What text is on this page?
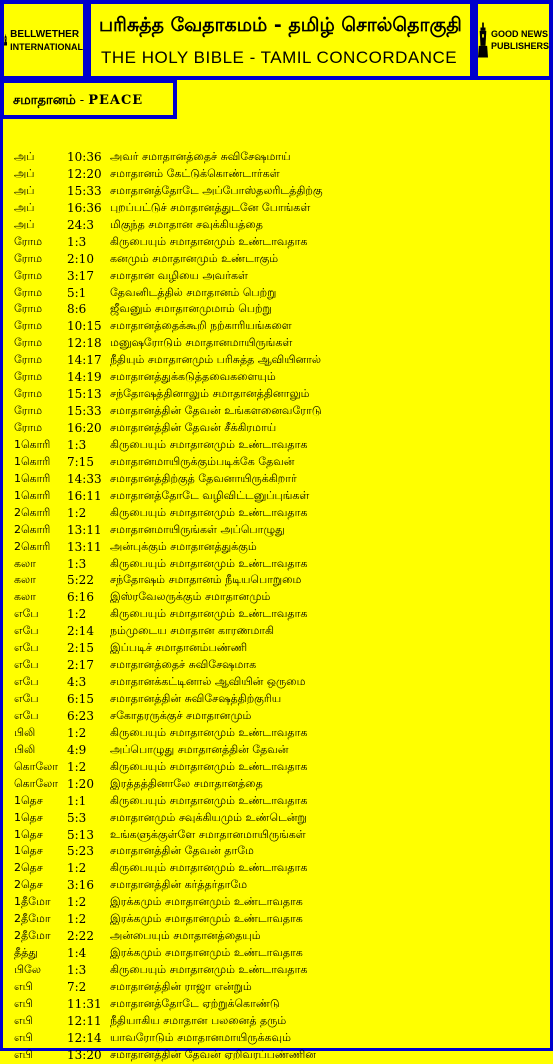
BELLWETHER
INTERNATIONAL
பரிசுத்த வேதாகமம் - தமிழ் சொல்தொகுதி
THE HOLY BIBLE - TAMIL CONCORDANCE
GOOD NEWS
PUBLISHERS
சமாதானம் - PEACE
அப்	10:36 அவர் சமாதானத்தைச் சுவிசேஷமாய்
அப்	12:20 சமாதானம் கேட்டுக்கொண்டார்கள்
அப்	15:33 சமாதானத்தோடே அப்போஸ்தலரிடத்திற்கு
அப்	16:36 புறப்பட்டுச் சமாதானத்துடனே போங்கள்
அப்	24:3 மிகுந்த சமாதான சவுக்கியத்தை
ரோம 1:3 கிருபையும் சமாதானமும் உண்டாவதாக
ரோம 2:10 கனமும் சமாதானமும் உண்டாகும்
ரோம 3:17 சமாதான வழியை அவர்கள்
ரோம 5:1 தேவனிடத்தில் சமாதானம் பெற்று
ரோம 8:6 ஜீவனும் சமாதானமுமாம் பெற்று
ரோம 10:15 சமாதானத்தைக்கூறி நற்காரியங்களை
ரோம 12:18 மனுஷரோடும் சமாதானமாயிருங்கள்
ரோம 14:17 நீதியும் சமாதானமும் பரிசுத்த ஆவியினால்
ரோம 14:19 சமாதானத்துக்கடுத்தவைகளையும்
ரோம 15:13 சந்தோஷத்தினாலும் சமாதானத்தினாலும்
ரோம 15:33 சமாதானத்தின் தேவன் உங்களனைவரோடு
ரோம 16:20 சமாதானத்தின் தேவன் சீக்கிரமாய்
1கொரி 1:3 கிருபையும் சமாதானமும் உண்டாவதாக
1கொரி 7:15 சமாதானமாயிருக்கும்படிக்கே தேவன்
1கொரி 14:33 சமாதானத்திற்குத் தேவனாயிருக்கிறார்
1கொரி 16:11 சமாதானத்தோடே வழிவிட்டனுப்புங்கள்
2கொரி 1:2 கிருபையும் சமாதானமும் உண்டாவதாக
2கொரி 13:11 சமாதானமாயிருங்கள் அப்பொழுது
2கொரி 13:11 அன்புக்கும் சமாதானத்துக்கும்
கலா	1:3 கிருபையும் சமாதானமும் உண்டாவதாக
கலா	5:22 சந்தோஷம் சமாதானம் நீடியபொறுமை
கலா	6:16 இஸ்ரவேலருக்கும் சமாதானமும்
எபே 1:2 கிருபையும் சமாதானமும் உண்டாவதாக
எபே 2:14 நம்முடைய சமாதான காரணமாகி
எபே 2:15 இப்படிச் சமாதானம்பண்ணி
எபே 2:17 சமாதானத்தைச் சுவிசேஷமாக
எபே 4:3 சமாதானக்கட்டினால் ஆவியின் ஒருமை
எபே 6:15 சமாதானத்தின் சுவிசேஷத்திற்குரிய
எபே 6:23 சகோதரருக்குச் சமாதானமும்
பிலி	1:2 கிருபையும் சமாதானமும் உண்டாவதாக
பிலி	4:9 அப்பொழுது சமாதானத்தின் தேவன்
கொலோ 1:2 கிருபையும் சமாதானமும் உண்டாவதாக
கொலோ 1:20 இரத்தத்தினாலே சமாதானத்தை
1தெச 1:1 கிருபையும் சமாதானமும் உண்டாவதாக
1தெச 5:3 சமாதானமும் சவுக்கியமும் உண்டென்று
1தெச 5:13 உங்களுக்குள்ளே சமாதானமாயிருங்கள்
1தெச 5:23 சமாதானத்தின் தேவன் தாமே
2தெச 1:2 கிருபையும் சமாதானமும் உண்டாவதாக
2தெச 3:16 சமாதானத்தின் கர்த்தர்தாமே
1தீமோ 1:2 இரக்கமும் சமாதானமும் உண்டாவதாக
2தீமோ 1:2 இரக்கமும் சமாதானமும் உண்டாவதாக
2தீமோ 2:22 அன்பையும் சமாதானத்தையும்
தீத்து 1:4 இரக்கமும் சமாதானமும் உண்டாவதாக
பிலே 1:3 கிருபையும் சமாதானமும் உண்டாவதாக
எபி	7:2 சமாதானத்தின் ராஜா என்றும்
எபி	11:31 சமாதானத்தோடே ஏற்றுக்கொண்டு
எபி	12:11 நீதியாகிய சமாதான பலனைத் தரும்
எபி	12:14 யாவரோடும் சமாதானமாயிருக்கவும்
எபி	13:20 சமாதானத்தின் தேவன் ஏறிவரப்பண்ணின
